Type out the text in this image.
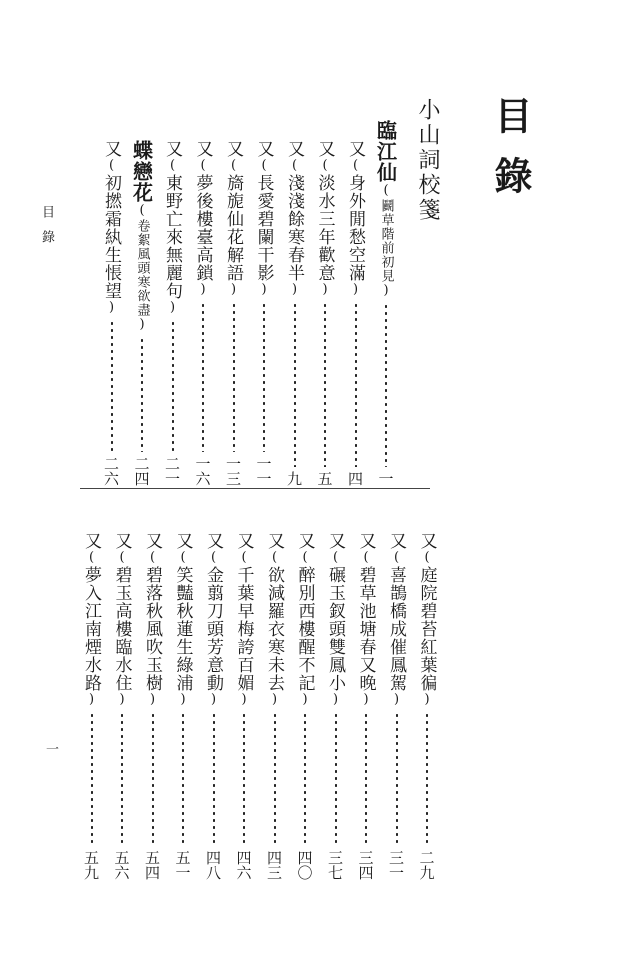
目錄
小山詞校箋
目錄
一
臨江仙(鬬草階前初見)
一
又(身外閒愁空滿)
四
又(淡水三年歡意)
五
又(淺淺餘寒春半)
九
又(長愛碧闌干影)
一一
又(旖旎仙花解語)
一三
又(夢後樓臺高鎖)
一六
又(東野亡來無麗句)
二一
蝶戀花(卷絮風頭寒欲盡)
二四
又(初撚霜紈生悵望)
二六
又(庭院碧苔紅葉徧)
二九
又(喜鵲橋成催鳳駕)
三一
又(碧草池塘春又晚)
三四
又(碾玉釵頭雙鳳小)
三七
又(醉別西樓醒不記)
四〇
又(欲減羅衣寒未去)
四三
又(千葉早梅誇百媚)
四六
又(金翦刀頭芳意動)
四八
又(笑豔秋蓮生綠浦)
五一
又(碧落秋風吹玉樹)
五四
又(碧玉高樓臨水住)
五六
又(夢入江南煙水路)
五九
